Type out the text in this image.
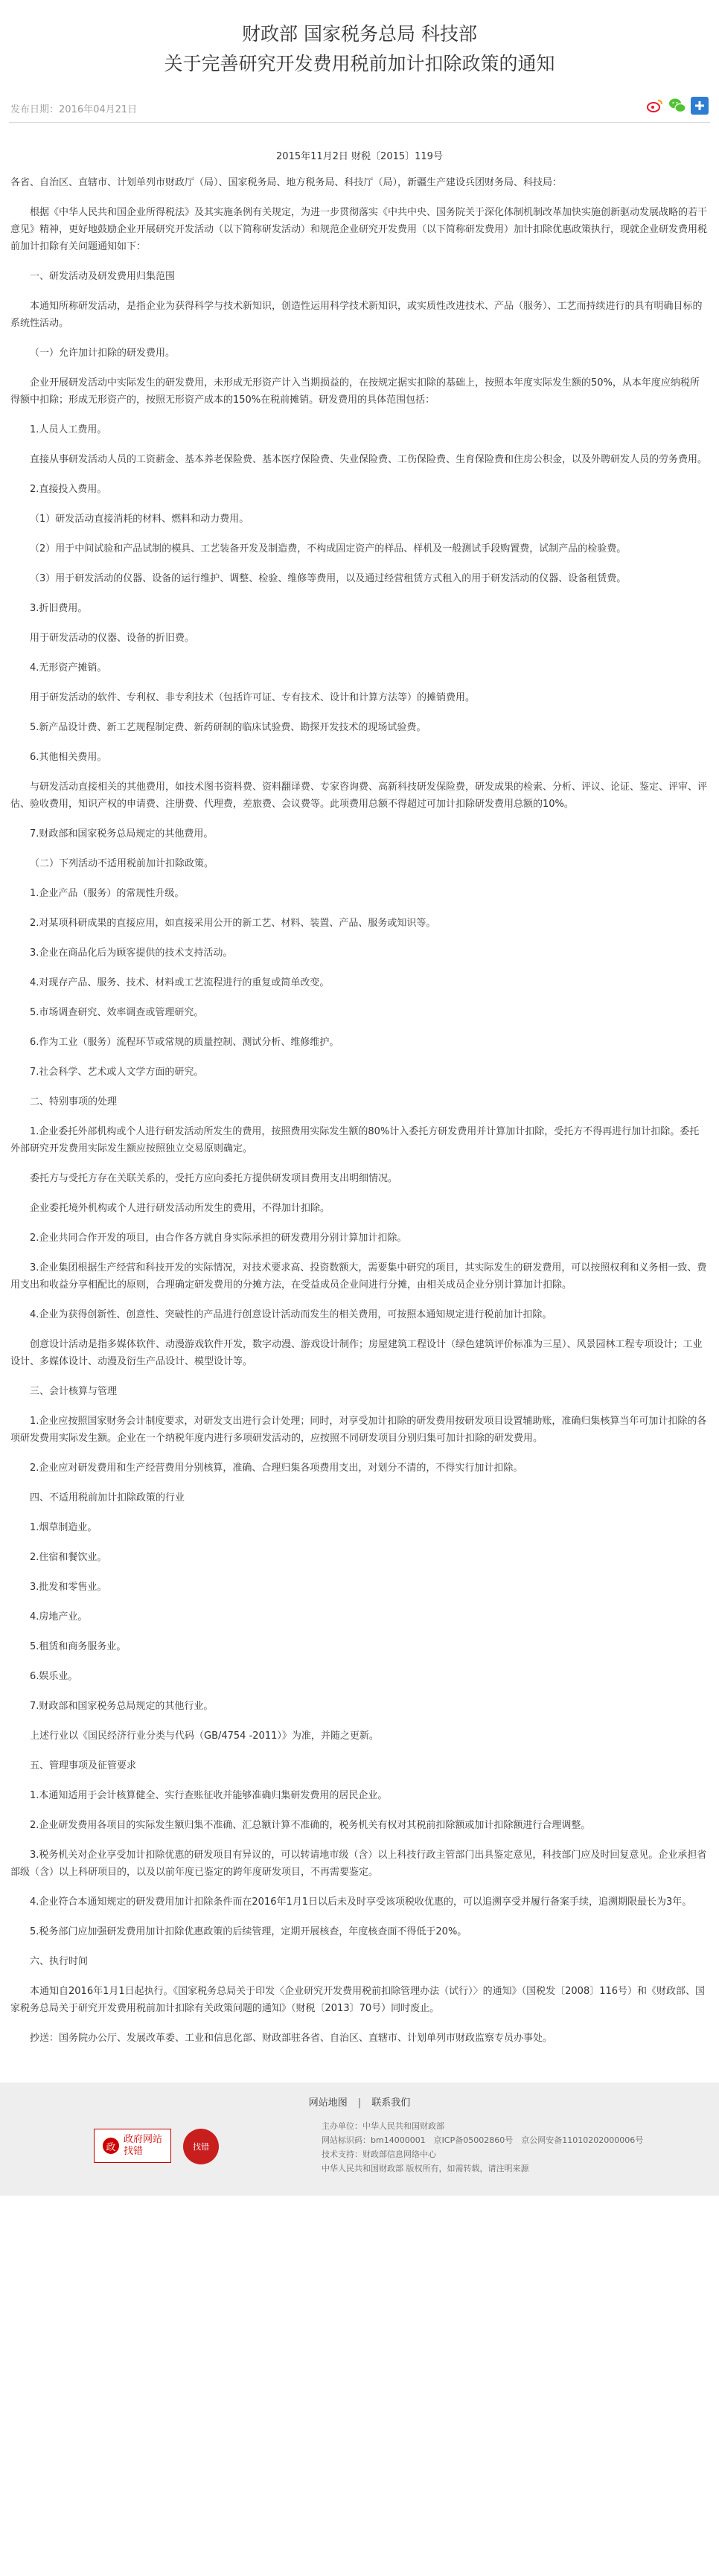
财政部 国家税务总局 科技部
关于完善研究开发费用税前加计扣除政策的通知
发布日期：2016年04月21日
2015年11月2日 财税〔2015〕119号

各省、自治区、直辖市、计划单列市财政厅（局）、国家税务局、地方税务局、科技厅（局），新疆生产建设兵团财务局、科技局：

根据《中华人民共和国企业所得税法》及其实施条例有关规定，为进一步贯彻落实《中共中央、国务院关于深化体制机制改革加快实施创新驱动发展战略的若干意见》精神，更好地鼓励企业开展研究开发活动（以下简称研发活动）和规范企业研究开发费用（以下简称研发费用）加计扣除优惠政策执行，现就企业研发费用税前加计扣除有关问题通知如下：

一、研发活动及研发费用归集范围

本通知所称研发活动，是指企业为获得科学与技术新知识，创造性运用科学技术新知识，或实质性改进技术、产品（服务）、工艺而持续进行的具有明确目标的系统性活动。

（一）允许加计扣除的研发费用。

企业开展研发活动中实际发生的研发费用，未形成无形资产计入当期损益的，在按规定据实扣除的基础上，按照本年度实际发生额的50%，从本年度应纳税所得额中扣除；形成无形资产的，按照无形资产成本的150%在税前摊销。研发费用的具体范围包括：

1.人员人工费用。

直接从事研发活动人员的工资薪金、基本养老保险费、基本医疗保险费、失业保险费、工伤保险费、生育保险费和住房公积金，以及外聘研发人员的劳务费用。

2.直接投入费用。

（1）研发活动直接消耗的材料、燃料和动力费用。

（2）用于中间试验和产品试制的模具、工艺装备开发及制造费，不构成固定资产的样品、样机及一般测试手段购置费，试制产品的检验费。

（3）用于研发活动的仪器、设备的运行维护、调整、检验、维修等费用，以及通过经营租赁方式租入的用于研发活动的仪器、设备租赁费。

3.折旧费用。

用于研发活动的仪器、设备的折旧费。

4.无形资产摊销。

用于研发活动的软件、专利权、非专利技术（包括许可证、专有技术、设计和计算方法等）的摊销费用。

5.新产品设计费、新工艺规程制定费、新药研制的临床试验费、勘探开发技术的现场试验费。

6.其他相关费用。

与研发活动直接相关的其他费用，如技术图书资料费、资料翻译费、专家咨询费、高新科技研发保险费，研发成果的检索、分析、评议、论证、鉴定、评审、评估、验收费用，知识产权的申请费、注册费、代理费，差旅费、会议费等。此项费用总额不得超过可加计扣除研发费用总额的10%。

7.财政部和国家税务总局规定的其他费用。

（二）下列活动不适用税前加计扣除政策。

1.企业产品（服务）的常规性升级。

2.对某项科研成果的直接应用，如直接采用公开的新工艺、材料、装置、产品、服务或知识等。

3.企业在商品化后为顾客提供的技术支持活动。

4.对现存产品、服务、技术、材料或工艺流程进行的重复或简单改变。

5.市场调查研究、效率调查或管理研究。

6.作为工业（服务）流程环节或常规的质量控制、测试分析、维修维护。

7.社会科学、艺术或人文学方面的研究。

二、特别事项的处理

1.企业委托外部机构或个人进行研发活动所发生的费用，按照费用实际发生额的80%计入委托方研发费用并计算加计扣除，受托方不得再进行加计扣除。委托外部研究开发费用实际发生额应按照独立交易原则确定。

委托方与受托方存在关联关系的，受托方应向委托方提供研发项目费用支出明细情况。

企业委托境外机构或个人进行研发活动所发生的费用，不得加计扣除。

2.企业共同合作开发的项目，由合作各方就自身实际承担的研发费用分别计算加计扣除。

3.企业集团根据生产经营和科技开发的实际情况，对技术要求高、投资数额大，需要集中研究的项目，其实际发生的研发费用，可以按照权利和义务相一致、费用支出和收益分享相配比的原则，合理确定研发费用的分摊方法，在受益成员企业间进行分摊，由相关成员企业分别计算加计扣除。

4.企业为获得创新性、创意性、突破性的产品进行创意设计活动而发生的相关费用，可按照本通知规定进行税前加计扣除。

创意设计活动是指多媒体软件、动漫游戏软件开发，数字动漫、游戏设计制作；房屋建筑工程设计（绿色建筑评价标准为三星）、风景园林工程专项设计；工业设计、多媒体设计、动漫及衍生产品设计、模型设计等。

三、会计核算与管理

1.企业应按照国家财务会计制度要求，对研发支出进行会计处理；同时，对享受加计扣除的研发费用按研发项目设置辅助账，准确归集核算当年可加计扣除的各项研发费用实际发生额。企业在一个纳税年度内进行多项研发活动的，应按照不同研发项目分别归集可加计扣除的研发费用。

2.企业应对研发费用和生产经营费用分别核算，准确、合理归集各项费用支出，对划分不清的，不得实行加计扣除。

四、不适用税前加计扣除政策的行业

1.烟草制造业。

2.住宿和餐饮业。

3.批发和零售业。

4.房地产业。

5.租赁和商务服务业。

6.娱乐业。

7.财政部和国家税务总局规定的其他行业。

上述行业以《国民经济行业分类与代码（GB/4754 -2011）》为准，并随之更新。

五、管理事项及征管要求

1.本通知适用于会计核算健全、实行查账征收并能够准确归集研发费用的居民企业。

2.企业研发费用各项目的实际发生额归集不准确、汇总额计算不准确的，税务机关有权对其税前扣除额或加计扣除额进行合理调整。

3.税务机关对企业享受加计扣除优惠的研发项目有异议的，可以转请地市级（含）以上科技行政主管部门出具鉴定意见，科技部门应及时回复意见。企业承担省部级（含）以上科研项目的，以及以前年度已鉴定的跨年度研发项目，不再需要鉴定。

4.企业符合本通知规定的研发费用加计扣除条件而在2016年1月1日以后未及时享受该项税收优惠的，可以追溯享受并履行备案手续，追溯期限最长为3年。

5.税务部门应加强研发费用加计扣除优惠政策的后续管理，定期开展核查，年度核查面不得低于20%。

六、执行时间

本通知自2016年1月1日起执行。《国家税务总局关于印发〈企业研究开发费用税前扣除管理办法（试行）〉的通知》（国税发〔2008〕116号）和《财政部、国家税务总局关于研究开发费用税前加计扣除有关政策问题的通知》（财税〔2013〕70号）同时废止。

抄送：国务院办公厅、发展改革委、工业和信息化部、财政部驻各省、自治区、直辖市、计划单列市财政监察专员办事处。

网站地图 | 联系我们
政
政府网站
找错	找错
主办单位：中华人民共和国财政部
网站标识码：bm14000001　京ICP备05002860号　京公网安备11010202000006号
技术支持：财政部信息网络中心
中华人民共和国财政部 版权所有，如需转载，请注明来源
